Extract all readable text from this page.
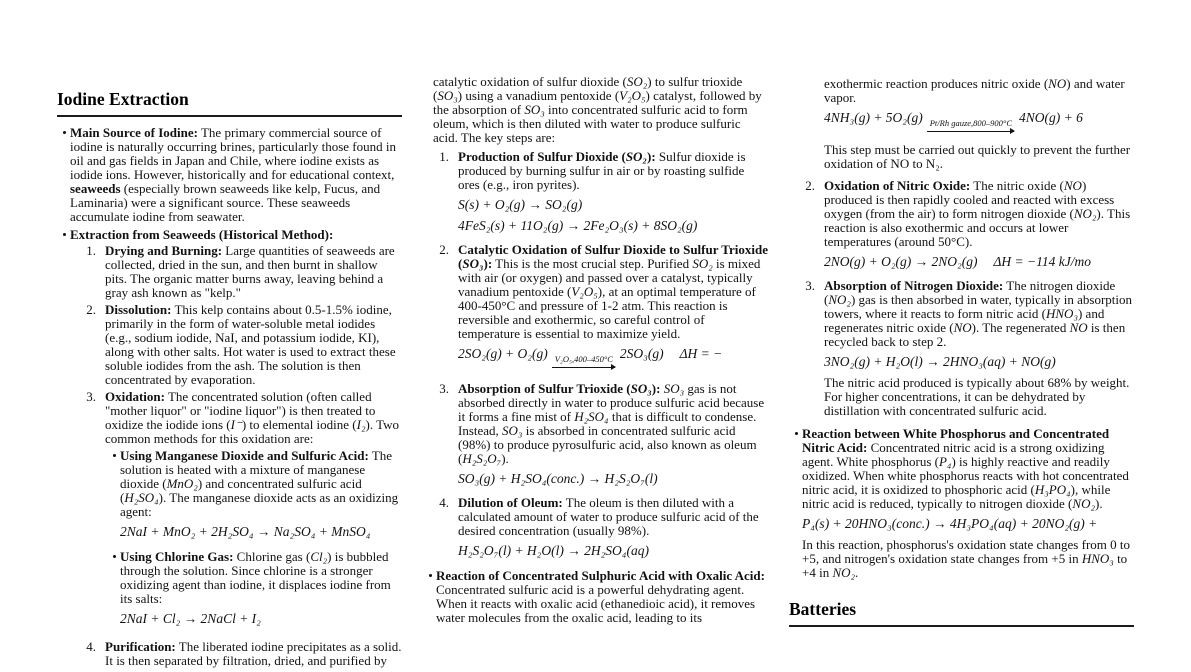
Iodine Extraction
Main Source of Iodine: The primary commercial source of iodine is naturally occurring brines, particularly those found in oil and gas fields in Japan and Chile, where iodine exists as iodide ions. However, historically and for educational context, seaweeds (especially brown seaweeds like kelp, Fucus, and Laminaria) were a significant source. These seaweeds accumulate iodine from seawater.
Extraction from Seaweeds (Historical Method):
1. Drying and Burning: Large quantities of seaweeds are collected, dried in the sun, and then burnt in shallow pits. The organic matter burns away, leaving behind a gray ash known as "kelp."
2. Dissolution: This kelp contains about 0.5-1.5% iodine, primarily in the form of water-soluble metal iodides (e.g., sodium iodide, NaI, and potassium iodide, KI), along with other salts. Hot water is used to extract these soluble iodides from the ash. The solution is then concentrated by evaporation.
3. Oxidation: The concentrated solution (often called "mother liquor" or "iodine liquor") is then treated to oxidize the iodide ions (I⁻) to elemental iodine (I₂). Two common methods for this oxidation are:
Using Manganese Dioxide and Sulfuric Acid: The solution is heated with a mixture of manganese dioxide (MnO₂) and concentrated sulfuric acid (H₂SO₄). The manganese dioxide acts as an oxidizing agent:
2NaI + MnO₂ + 2H₂SO₄ → Na₂SO₄ + MnSO₄
Using Chlorine Gas: Chlorine gas (Cl₂) is bubbled through the solution. Since chlorine is a stronger oxidizing agent than iodine, it displaces iodine from its salts:
2NaI + Cl₂ → 2NaCl + I₂
4. Purification: The liberated iodine precipitates as a solid. It is then separated by filtration, dried, and purified by
catalytic oxidation of sulfur dioxide (SO₂) to sulfur trioxide (SO₃) using a vanadium pentoxide (V₂O₅) catalyst, followed by the absorption of SO₃ into concentrated sulfuric acid to form oleum, which is then diluted with water to produce sulfuric acid. The key steps are:
1. Production of Sulfur Dioxide (SO₂): Sulfur dioxide is produced by burning sulfur in air or by roasting sulfide ores (e.g., iron pyrites).
S(s) + O₂(g) → SO₂(g)
4FeS₂(s) + 11O₂(g) → 2Fe₂O₃(s) + 8SO₂(g)
2. Catalytic Oxidation of Sulfur Dioxide to Sulfur Trioxide (SO₃): This is the most crucial step. Purified SO₂ is mixed with air (or oxygen) and passed over a catalyst, typically vanadium pentoxide (V₂O₅), at an optimal temperature of 400-450°C and pressure of 1-2 atm. This reaction is reversible and exothermic, so careful control of temperature is essential to maximize yield.
2SO₂(g) + O₂(g) V₂O₅,400–450°C 2SO₃(g) ΔH = −
3. Absorption of Sulfur Trioxide (SO₃): SO₃ gas is not absorbed directly in water to produce sulfuric acid because it forms a fine mist of H₂SO₄ that is difficult to condense. Instead, SO₃ is absorbed in concentrated sulfuric acid (98%) to produce pyrosulfuric acid, also known as oleum (H₂S₂O₇).
SO₃(g) + H₂SO₄(conc.) → H₂S₂O₇(l)
4. Dilution of Oleum: The oleum is then diluted with a calculated amount of water to produce sulfuric acid of the desired concentration (usually 98%).
H₂S₂O₇(l) + H₂O(l) → 2H₂SO₄(aq)
Reaction of Concentrated Sulphuric Acid with Oxalic Acid: Concentrated sulfuric acid is a powerful dehydrating agent. When it reacts with oxalic acid (ethanedioic acid), it removes water molecules from the oxalic acid, leading to its
exothermic reaction produces nitric oxide (NO) and water vapor.
4NH₃(g) + 5O₂(g) Pt/Rh gauze,800–900°C 4NO(g) + 6
This step must be carried out quickly to prevent the further oxidation of NO to N₂.
2. Oxidation of Nitric Oxide: The nitric oxide (NO) produced is then rapidly cooled and reacted with excess oxygen (from the air) to form nitrogen dioxide (NO₂). This reaction is also exothermic and occurs at lower temperatures (around 50°C).
2NO(g) + O₂(g) → 2NO₂(g) ΔH = −114 kJ/mo
3. Absorption of Nitrogen Dioxide: The nitrogen dioxide (NO₂) gas is then absorbed in water, typically in absorption towers, where it reacts to form nitric acid (HNO₃) and regenerates nitric oxide (NO). The regenerated NO is then recycled back to step 2.
3NO₂(g) + H₂O(l) → 2HNO₃(aq) + NO(g)
The nitric acid produced is typically about 68% by weight. For higher concentrations, it can be dehydrated by distillation with concentrated sulfuric acid.
Reaction between White Phosphorus and Concentrated Nitric Acid: Concentrated nitric acid is a strong oxidizing agent. White phosphorus (P₄) is highly reactive and readily oxidized. When white phosphorus reacts with hot concentrated nitric acid, it is oxidized to phosphoric acid (H₃PO₄), while nitric acid is reduced, typically to nitrogen dioxide (NO₂).
P₄(s) + 20HNO₃(conc.) → 4H₃PO₄(aq) + 20NO₂(g) +
In this reaction, phosphorus's oxidation state changes from 0 to +5, and nitrogen's oxidation state changes from +5 in HNO₃ to +4 in NO₂.
Batteries
